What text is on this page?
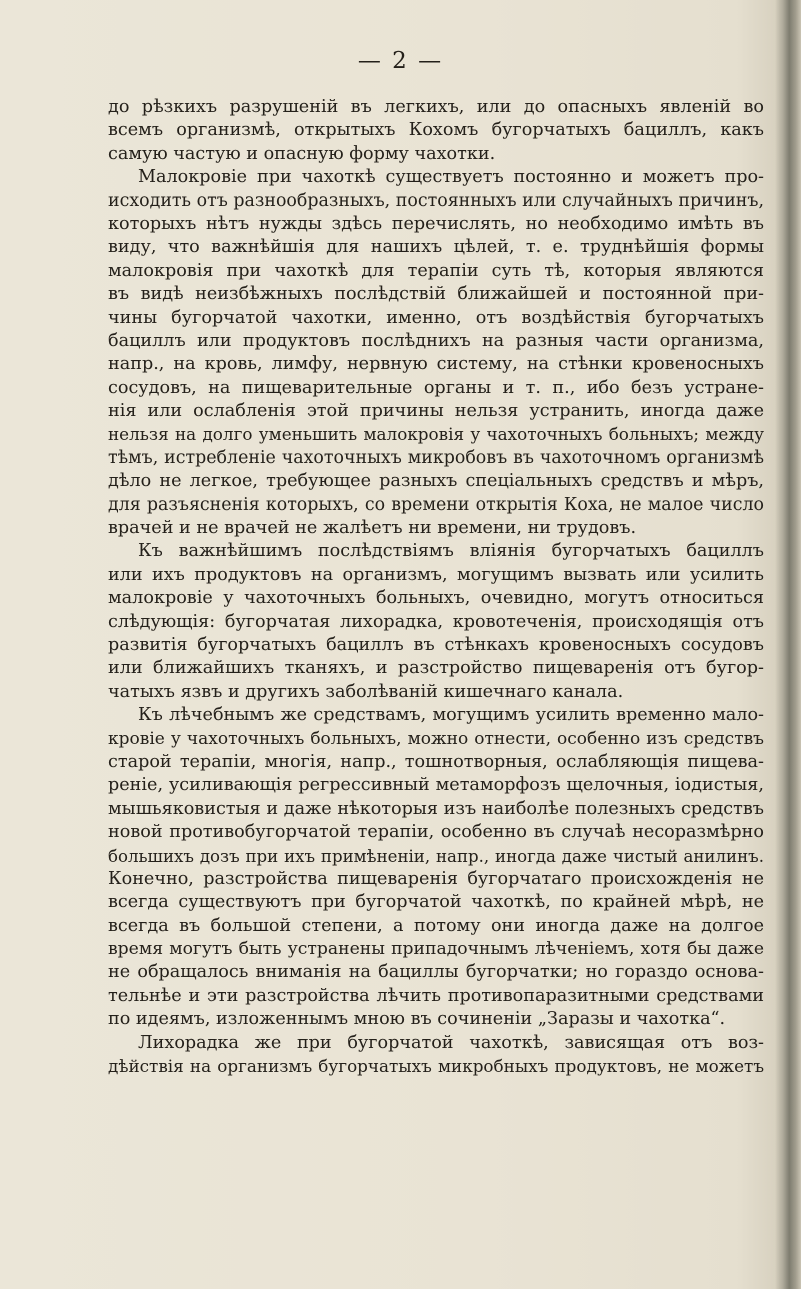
— 2 —
до рѣзкихъ разрушеній въ легкихъ, или до опасныхъ явленій во
всемъ организмѣ, открытыхъ Кохомъ бугорчатыхъ бациллъ, какъ
самую частую и опасную форму чахотки.
Малокровіе при чахоткѣ существуетъ постоянно и можетъ про-
исходить отъ разнообразныхъ, постоянныхъ или случайныхъ причинъ,
которыхъ нѣтъ нужды здѣсь перечислять, но необходимо имѣть въ
виду, что важнѣйшія для нашихъ цѣлей, т. е. труднѣйшія формы
малокровія при чахоткѣ для терапіи суть тѣ, которыя являются
въ видѣ неизбѣжныхъ послѣдствій ближайшей и постоянной при-
чины бугорчатой чахотки, именно, отъ воздѣйствія бугорчатыхъ
бациллъ или продуктовъ послѣднихъ на разныя части организма,
напр., на кровь, лимфу, нервную систему, на стѣнки кровеносныхъ
сосудовъ, на пищеварительные органы и т. п., ибо безъ устране-
нія или ослабленія этой причины нельзя устранить, иногда даже
нельзя на долго уменьшить малокровія у чахоточныхъ больныхъ; между
тѣмъ, истребленіе чахоточныхъ микробовъ въ чахоточномъ организмѣ
дѣло не легкое, требующее разныхъ спеціальныхъ средствъ и мѣръ,
для разъясненія которыхъ, со времени открытія Коха, не малое число
врачей и не врачей не жалѣетъ ни времени, ни трудовъ.
Къ важнѣйшимъ послѣдствіямъ вліянія бугорчатыхъ бациллъ
или ихъ продуктовъ на организмъ, могущимъ вызвать или усилить
малокровіе у чахоточныхъ больныхъ, очевидно, могутъ относиться
слѣдующія: бугорчатая лихорадка, кровотеченія, происходящія отъ
развитія бугорчатыхъ бациллъ въ стѣнкахъ кровеносныхъ сосудовъ
или ближайшихъ тканяхъ, и разстройство пищеваренія отъ бугор-
чатыхъ язвъ и другихъ заболѣваній кишечнаго канала.
Къ лѣчебнымъ же средствамъ, могущимъ усилить временно мало-
кровіе у чахоточныхъ больныхъ, можно отнести, особенно изъ средствъ
старой терапіи, многія, напр., тошнотворныя, ослабляющія пищева-
реніе, усиливающія регрессивный метаморфозъ щелочныя, іодистыя,
мышьяковистыя и даже нѣкоторыя изъ наиболѣе полезныхъ средствъ
новой противобугорчатой терапіи, особенно въ случаѣ несоразмѣрно
большихъ дозъ при ихъ примѣненіи, напр., иногда даже чистый анилинъ.
Конечно, разстройства пищеваренія бугорчатаго происхожденія не
всегда существуютъ при бугорчатой чахоткѣ, по крайней мѣрѣ, не
всегда въ большой степени, а потому они иногда даже на долгое
время могутъ быть устранены припадочнымъ лѣченіемъ, хотя бы даже
не обращалось вниманія на бациллы бугорчатки; но гораздо основа-
тельнѣе и эти разстройства лѣчить противопаразитными средствами
по идеямъ, изложеннымъ мною въ сочиненіи „Заразы и чахотка“.
Лихорадка же при бугорчатой чахоткѣ, зависящая отъ воз-
дѣйствія на организмъ бугорчатыхъ микробныхъ продуктовъ, не можетъ
